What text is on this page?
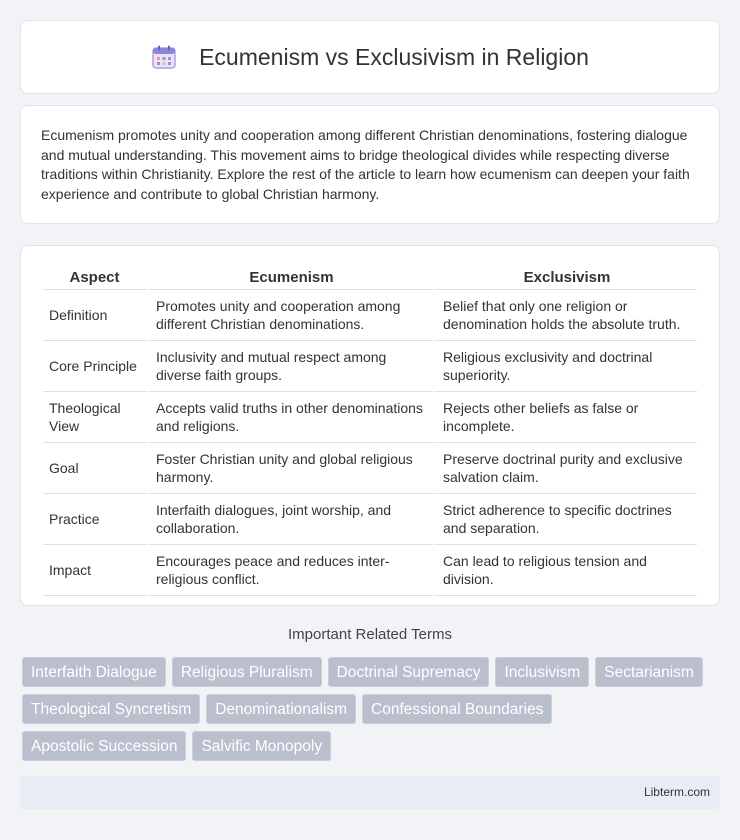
Ecumenism vs Exclusivism in Religion

Ecumenism promotes unity and cooperation among different Christian denominations, fostering dialogue and mutual understanding. This movement aims to bridge theological divides while respecting diverse traditions within Christianity. Explore the rest of the article to learn how ecumenism can deepen your faith experience and contribute to global Christian harmony.

Aspect	Ecumenism	Exclusivism
Definition	Promotes unity and cooperation among different Christian denominations.	Belief that only one religion or denomination holds the absolute truth.
Core Principle	Inclusivity and mutual respect among diverse faith groups.	Religious exclusivity and doctrinal superiority.
Theological View	Accepts valid truths in other denominations and religions.	Rejects other beliefs as false or incomplete.
Goal	Foster Christian unity and global religious harmony.	Preserve doctrinal purity and exclusive salvation claim.
Practice	Interfaith dialogues, joint worship, and collaboration.	Strict adherence to specific doctrines and separation.
Impact	Encourages peace and reduces inter-religious conflict.	Can lead to religious tension and division.
Important Related Terms
Interfaith Dialogue	Religious Pluralism	Doctrinal Supremacy	Inclusivism	Sectarianism
Theological Syncretism	Denominationalism	Confessional Boundaries
Apostolic Succession	Salvific Monopoly
Libterm.com
